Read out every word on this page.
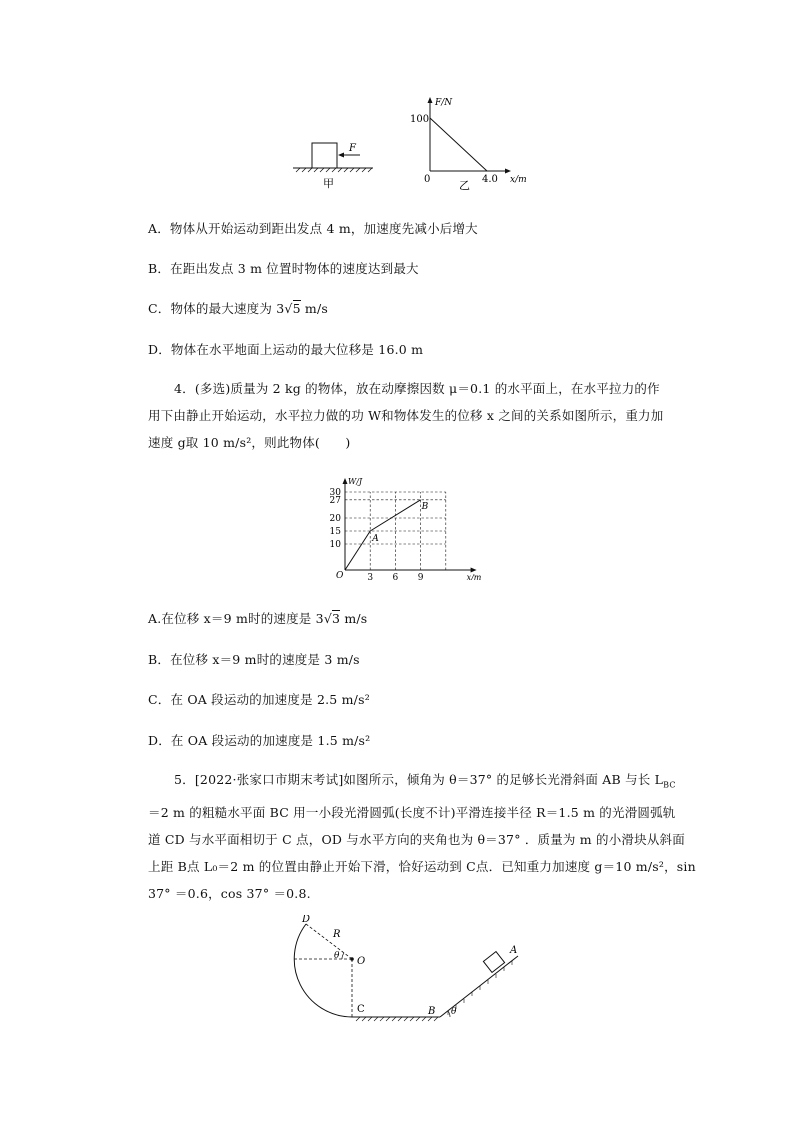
F
甲
F/N
100
0	4.0 x/m
乙
A．物体从开始运动到距出发点 4 m，加速度先减小后增大
B．在距出发点 3 m 位置时物体的速度达到最大
C．物体的最大速度为 3√5 m/s
D．物体在水平地面上运动的最大位移是 16.0 m
4．(多选)质量为 2 kg 的物体，放在动摩擦因数 μ＝0.1 的水平面上，在水平拉力的作
用下由静止开始运动，水平拉力做的功 W和物体发生的位移 x 之间的关系如图所示，重力加
速度 g取 10 m/s²，则此物体(　　)
10
15
20
27
30
3 6 9
W/J
x/m
O
A
B
A.在位移 x＝9 m时的速度是 3√3 m/s
B．在位移 x＝9 m时的速度是 3 m/s
C．在 OA 段运动的加速度是 2.5 m/s²
D．在 OA 段运动的加速度是 1.5 m/s²
5．[2022·张家口市期末考试]如图所示，倾角为 θ＝37° 的足够长光滑斜面 AB 与长 $L_{BC}$
＝2 m 的粗糙水平面 BC 用一小段光滑圆弧(长度不计)平滑连接半径 R＝1.5 m 的光滑圆弧轨
道 CD 与水平面相切于 C 点，OD 与水平方向的夹角也为 θ＝37° ．质量为 m 的小滑块从斜面
上距 B点 L₀＝2 m 的位置由静止开始下滑，恰好运动到 C点．已知重力加速度 g＝10 m/s²，sin
37° ＝0.6，cos 37° ＝0.8.
D
R
θ O
C	B θ
A
